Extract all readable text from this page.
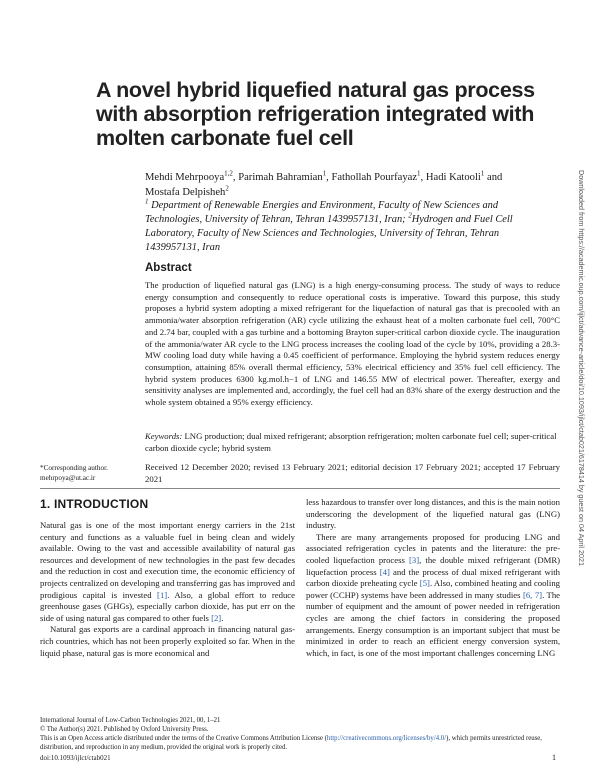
A novel hybrid liquefied natural gas process with absorption refrigeration integrated with molten carbonate fuel cell
Mehdi Mehrpooya$^{1,2}$, Parimah Bahramian$^1$, Fathollah Pourfayaz$^1$, Hadi Katooli$^1$ and
Mostafa Delpisheh$^2$
$^1$ Department of Renewable Energies and Environment, Faculty of New Sciences and Technologies, University of Tehran, Tehran 1439957131, Iran; $^2$Hydrogen and Fuel Cell Laboratory, Faculty of New Sciences and Technologies, University of Tehran, Tehran 1439957131, Iran
Abstract
The production of liquefied natural gas (LNG) is a high energy-consuming process. The study of ways to reduce energy consumption and consequently to reduce operational costs is imperative. Toward this purpose, this study proposes a hybrid system adopting a mixed refrigerant for the liquefaction of natural gas that is precooled with an ammonia/water absorption refrigeration (AR) cycle utilizing the exhaust heat of a molten carbonate fuel cell, 700°C and 2.74 bar, coupled with a gas turbine and a bottoming Brayton super-critical carbon dioxide cycle. The inauguration of the ammonia/water AR cycle to the LNG process increases the cooling load of the cycle by 10%, providing a 28.3-MW cooling load duty while having a 0.45 coefficient of performance. Employing the hybrid system reduces energy consumption, attaining 85% overall thermal efficiency, 53% electrical efficiency and 35% fuel cell efficiency. The hybrid system produces 6300 kg.mol.h−1 of LNG and 146.55 MW of electrical power. Thereafter, exergy and sensitivity analyses are implemented and, accordingly, the fuel cell had an 83% share of the exergy destruction and the whole system obtained a 95% exergy efficiency.
Keywords: LNG production; dual mixed refrigerant; absorption refrigeration; molten carbonate fuel cell; super-critical carbon dioxide cycle; hybrid system
*Corresponding author.
mehrpoya@ut.ac.ir
Received 12 December 2020; revised 13 February 2021; editorial decision 17 February 2021; accepted 17 February 2021
1. INTRODUCTION

Natural gas is one of the most important energy carriers in the 21st century and functions as a valuable fuel in being clean and widely available. Owing to the vast and accessible availability of natural gas resources and development of new technologies in the past few decades and the reduction in cost and execution time, the economic efficiency of projects centralized on developing and transferring gas has improved and prodigious capital is invested [1]. Also, a global effort to reduce greenhouse gases (GHGs), especially carbon dioxide, has put err on the side of using natural gas compared to other fuels [2].

Natural gas exports are a cardinal approach in financing natural gas-rich countries, which has not been properly exploited so far. When in the liquid phase, natural gas is more economical and

less hazardous to transfer over long distances, and this is the main notion underscoring the development of the liquefied natural gas (LNG) industry.

There are many arrangements proposed for producing LNG and associated refrigeration cycles in patents and the literature: the pre-cooled liquefaction process [3], the double mixed refrigerant (DMR) liquefaction process [4] and the process of dual mixed refrigerant with carbon dioxide preheating cycle [5]. Also, combined heating and cooling power (CCHP) systems have been addressed in many studies [6, 7]. The number of equipment and the amount of power needed in refrigeration cycles are among the chief factors in considering the proposed arrangements. Energy consumption is an important subject that must be minimized in order to reach an efficient energy conversion system, which, in fact, is one of the most important challenges concerning LNG

International Journal of Low-Carbon Technologies 2021, 00, 1–21
© The Author(s) 2021. Published by Oxford University Press.
This is an Open Access article distributed under the terms of the Creative Commons Attribution License (http://creativecommons.org/licenses/by/4.0/), which permits unrestricted reuse, distribution, and reproduction in any medium, provided the original work is properly cited.
doi:10.1093/ijlct/ctab021	1
Downloaded from https://academic.oup.com/ijlct/advance-article/doi/10.1093/ijlct/ctab021/6178414 by guest on 04 April 2021
